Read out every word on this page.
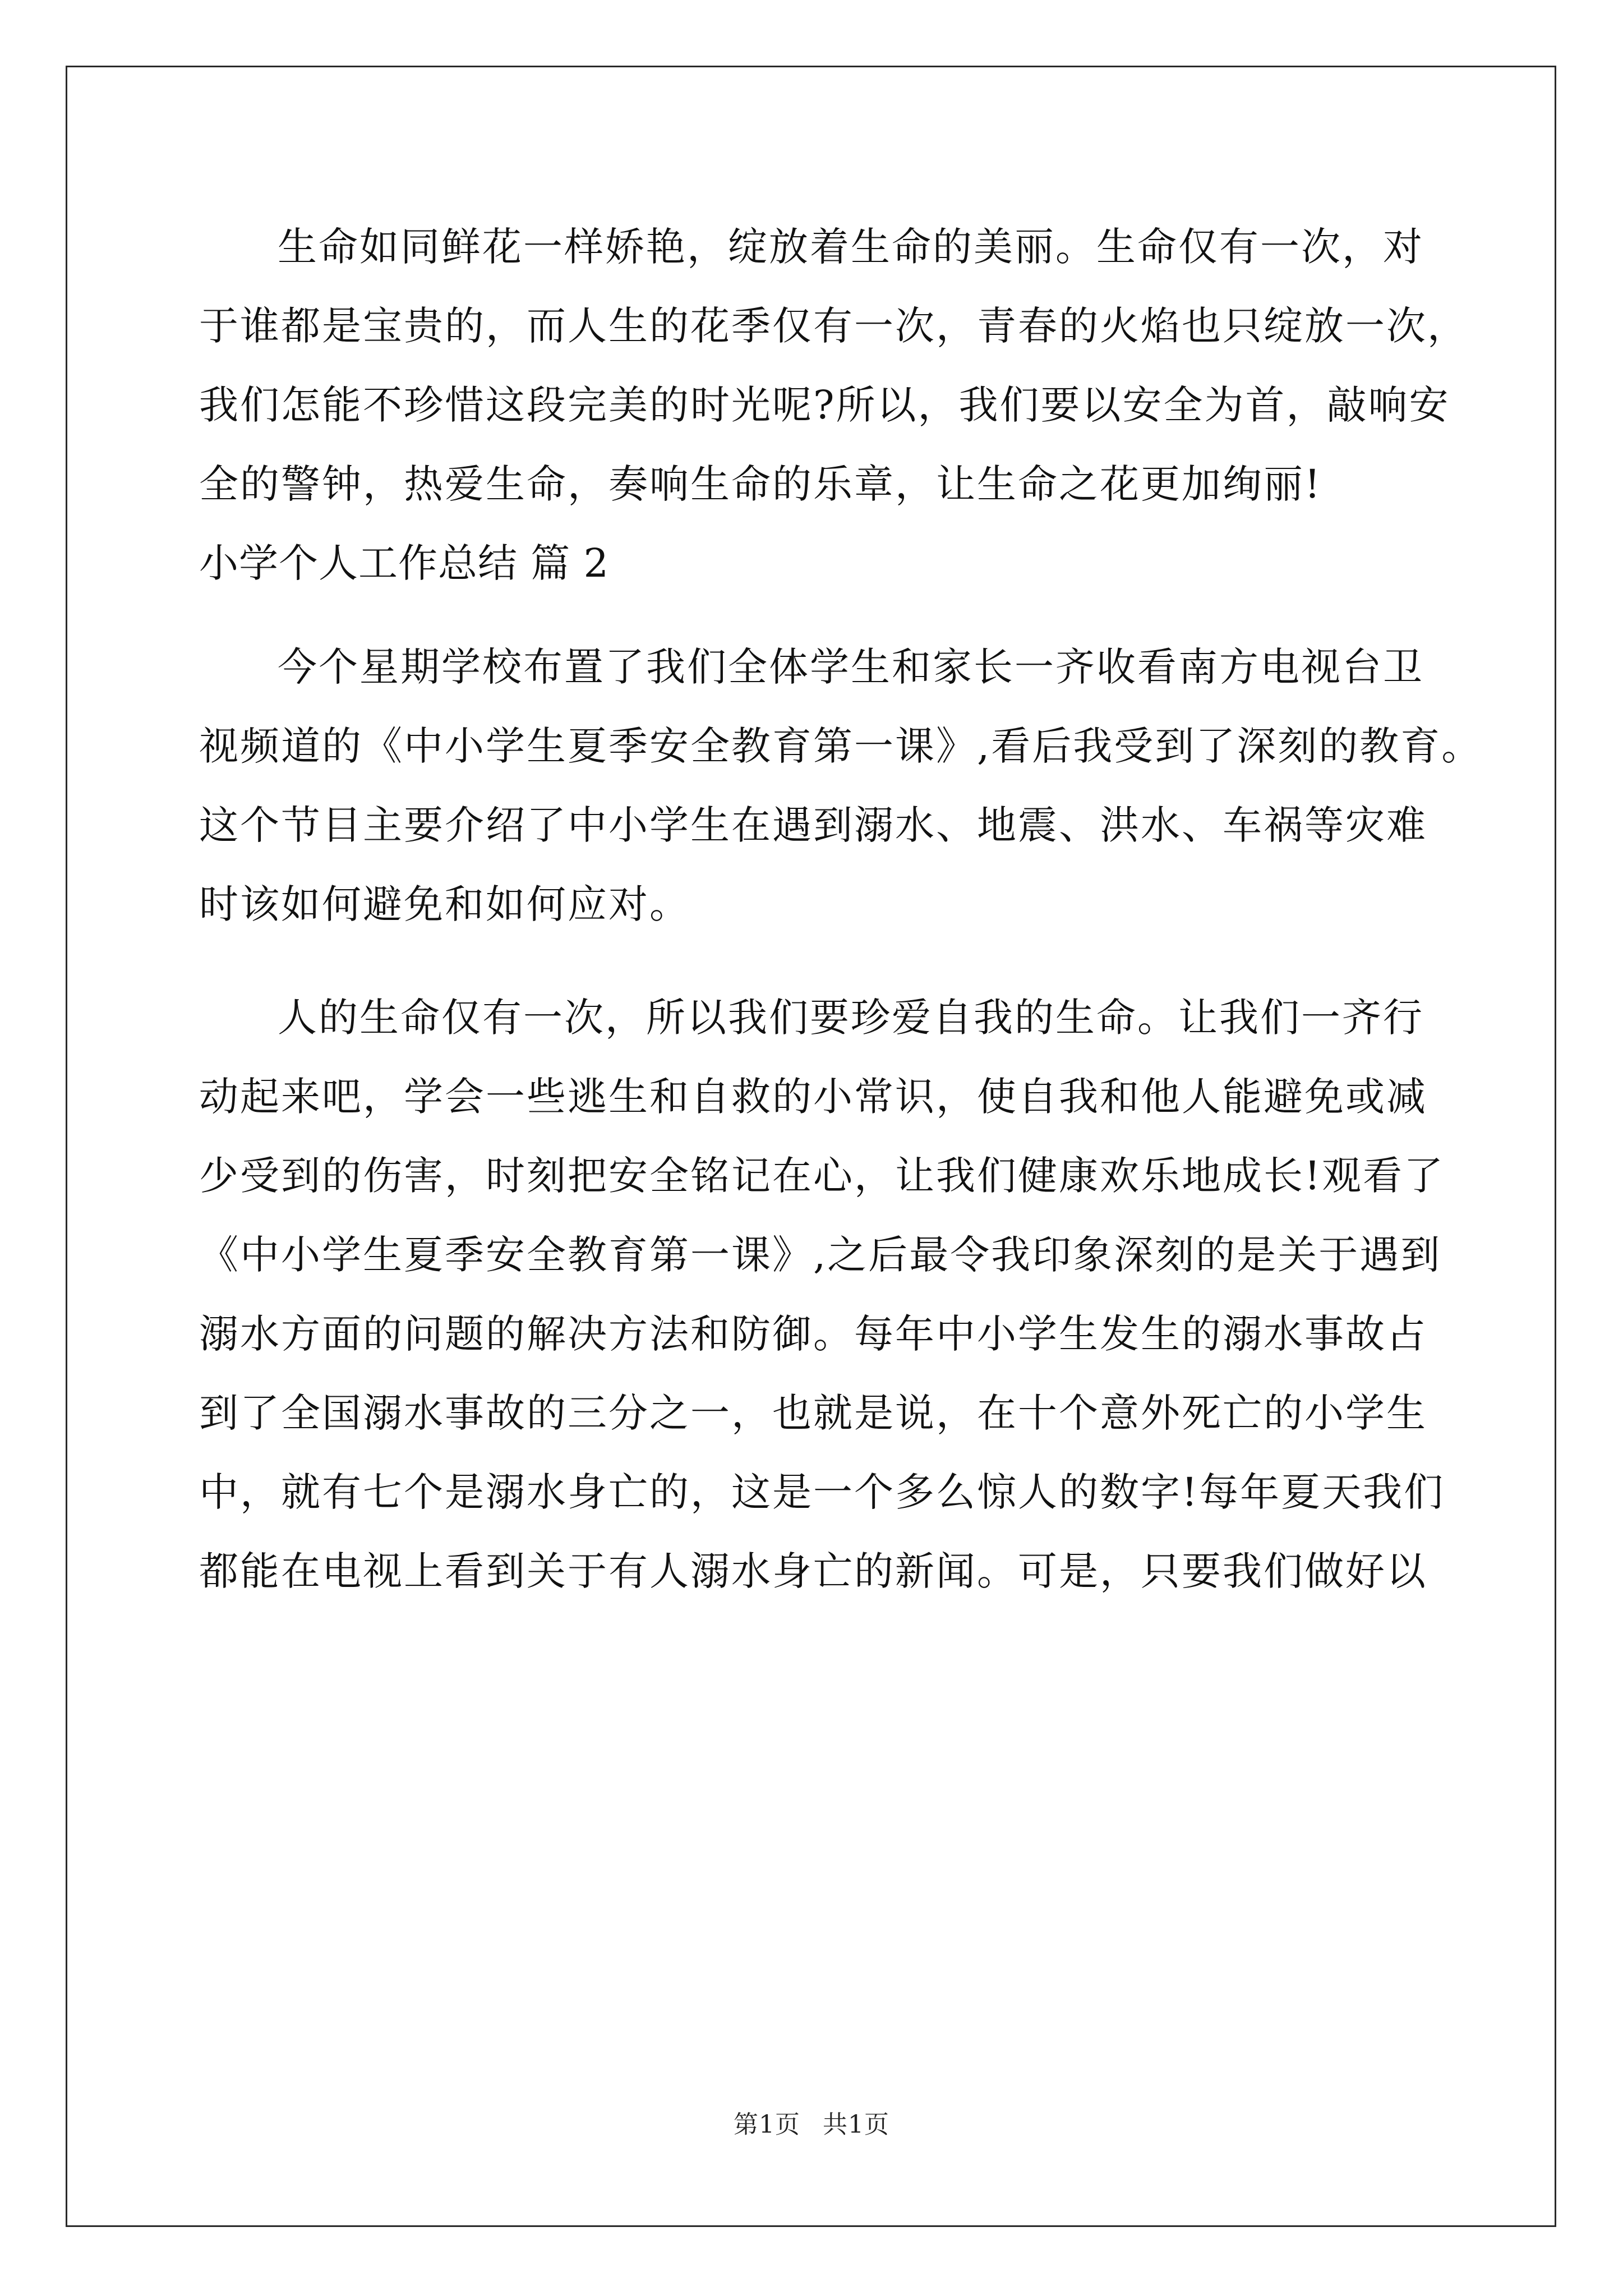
生命如同鲜花一样娇艳，绽放着生命的美丽。生命仅有一次，对
于谁都是宝贵的，而人生的花季仅有一次，青春的火焰也只绽放一次，
我们怎能不珍惜这段完美的时光呢?所以，我们要以安全为首，敲响安
全的警钟，热爱生命，奏响生命的乐章，让生命之花更加绚丽!
小学个人工作总结 篇 2
今个星期学校布置了我们全体学生和家长一齐收看南方电视台卫
视频道的《中小学生夏季安全教育第一课》,看后我受到了深刻的教育。
这个节目主要介绍了中小学生在遇到溺水、地震、洪水、车祸等灾难
时该如何避免和如何应对。
人的生命仅有一次，所以我们要珍爱自我的生命。让我们一齐行
动起来吧，学会一些逃生和自救的小常识，使自我和他人能避免或减
少受到的伤害，时刻把安全铭记在心，让我们健康欢乐地成长!观看了
《中小学生夏季安全教育第一课》,之后最令我印象深刻的是关于遇到
溺水方面的问题的解决方法和防御。每年中小学生发生的溺水事故占
到了全国溺水事故的三分之一，也就是说，在十个意外死亡的小学生
中，就有七个是溺水身亡的，这是一个多么惊人的数字!每年夏天我们
都能在电视上看到关于有人溺水身亡的新闻。可是，只要我们做好以
第1页 共1页
